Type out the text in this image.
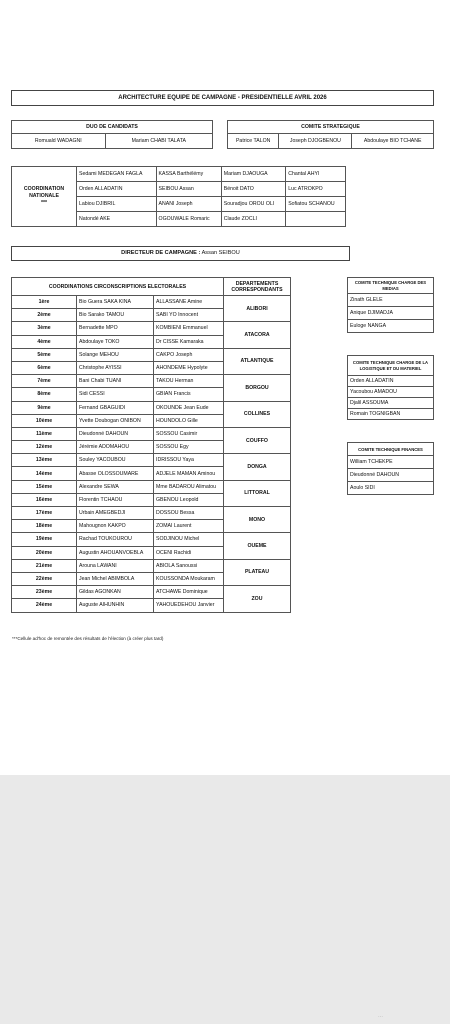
ARCHITECTURE EQUIPE DE CAMPAGNE - PRESIDENTIELLE AVRIL 2026
DUO DE CANDIDATS
Romuald WADAGNI	Mariam CHABI TALATA
COMITE STRATEGIQUE
Patrice TALON	Joseph DJOGBENOU	Abdoulaye BIO TCHANE
COORDINATION NATIONALE
***	Sedami MEDEGAN FAGLA	KASSA Barthélémy	Mariam DJAOUGA	Chantal AHYI
	Orden ALLADATIN	SEIBOU Assan	Bénoit DATO	Luc ATROKPO
	Labiou DJIBRIL	ANANI Joseph	Souradjou OROU OLI	Sofiatou SCHANOU
	Natondé AKE	OGOUWALE Romaric	Claude ZOCLI	
DIRECTEUR DE CAMPAGNE : Assan SEIBOU
COORDINATIONS CIRCONSCRIPTIONS ELECTORALES			DEPARTEMENTS CORRESPONDANTS
1ère	Bio Guera SAKA KINA	ALLASSANE Amine	ALIBORI
2ème	Bio Sarako TAMOU	SABI YO Innocent	
3ème	Bernadette MPO	KOMBIENI Emmanuel	ATACORA
4ème	Abdoulaye TOKO	Dr CISSE Kamaraka	
5ème	Solange MEHOU	CAKPO Joseph	ATLANTIQUE
6ème	Christophe AYISSI	AHONDEME Hypolyte	
7ème	Bani Chabi TUANI	TAKOU Herman	BORGOU
8ème	Sidi CESSI	GBIAN Francis	
9ème	Fernand GBAGUIDI	OKOUNDE Jean Eude	COLLINES
10ème	Yvette Doubogan ONIBON	HOUNDOLO Gille	
11ème	Dieudonné DAHOUN	SOSSOU Casimir	COUFFO
12ème	Jérémie ADOMAHOU	SOSSOU Egy	
13ème	Souley YACOUBOU	IDRISSOU Yaya	DONGA
14ème	Abasse OLOSSOUMARE	ADJELE MAMAN Aminou	
15ème	Alexandre SEWA	Mme BADAROU Alimatou	LITTORAL
16ème	Florentin TCHAOU	GBENOU Leopold	
17ème	Urbain AMEGBEDJI	DOSSOU Bessa	MONO
18ème	Mahougnon KAKPO	ZOMAI Laurent	
19ème	Rachad TOUKOUROU	SODJINOU Michel	OUEME
20ème	Augustin AHOUANVOEBLA	OCENI Rachidi	
21ème	Arouna LAWANI	ABIOLA Sanoussi	PLATEAU
22ème	Jean Michel ABIMBOLA	KOUSSONDA Moukaram	
23ème	Gildas AGONKAN	ATCHAWE Dominique	ZOU
24ème	Auguste AIHUNHIN	YAHOUEDEHOU Janvier	
COMITE TECHNIQUE CHARGE DES MEDIAS
Zinath GLELE
Anique DJIMADJA
Euloge NANGA
COMITE TECHNIQUE CHARGE DE LA LOGISTIQUE ET DU MATERIEL
Orden ALLADATIN
Yacoubou AMADOU
Djalil ASSOUMA
Romain TOGNIGBAN
COMITE TECHNIQUE FINANCES
William TCHEKPE
Dieudonné DAHOUN
Aoulo SIDI
***Cellule ad'hoc de remontée des résultats de l'élection (à créer plus tard)
⋯
